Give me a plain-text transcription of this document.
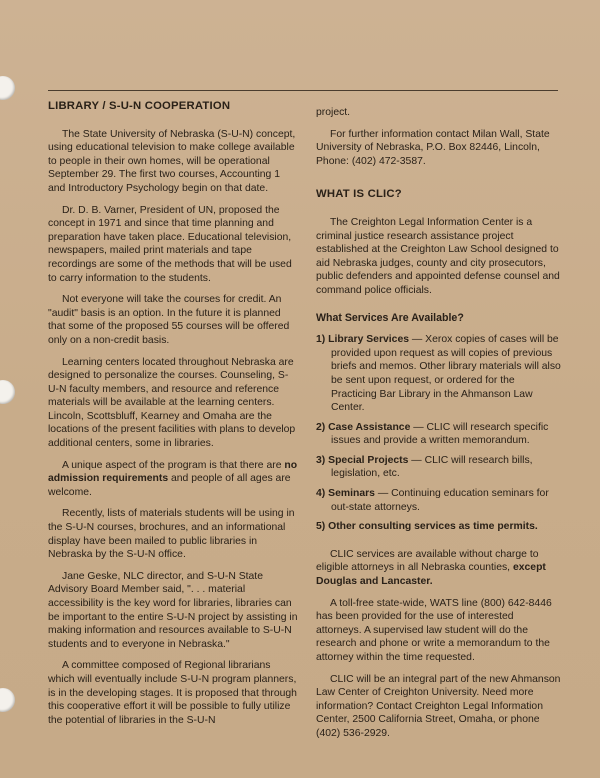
LIBRARY / S-U-N COOPERATION

The State University of Nebraska (S-U-N) concept, using educational television to make college available to people in their own homes, will be operational September 29. The first two courses, Accounting 1 and Introductory Psychology begin on that date.

Dr. D. B. Varner, President of UN, proposed the concept in 1971 and since that time planning and preparation have taken place. Educational television, newspapers, mailed print materials and tape recordings are some of the methods that will be used to carry information to the students.

Not everyone will take the courses for credit. An "audit" basis is an option. In the future it is planned that some of the proposed 55 courses will be offered only on a non-credit basis.

Learning centers located throughout Nebraska are designed to personalize the courses. Counseling, S-U-N faculty members, and resource and reference materials will be available at the learning centers. Lincoln, Scottsbluff, Kearney and Omaha are the locations of the present facilities with plans to develop additional centers, some in libraries.

A unique aspect of the program is that there are no admission requirements and people of all ages are welcome.

Recently, lists of materials students will be using in the S-U-N courses, brochures, and an informational display have been mailed to public libraries in Nebraska by the S-U-N office.

Jane Geske, NLC director, and S-U-N State Advisory Board Member said, ". . . material accessibility is the key word for libraries, libraries can be important to the entire S-U-N project by assisting in making information and resources available to S-U-N students and to everyone in Nebraska."

A committee composed of Regional librarians which will eventually include S-U-N program planners, is in the developing stages. It is proposed that through this cooperative effort it will be possible to fully utilize the potential of libraries in the S-U-N

project.

For further information contact Milan Wall, State University of Nebraska, P.O. Box 82446, Lincoln, Phone: (402) 472-3587.

WHAT IS CLIC?

The Creighton Legal Information Center is a criminal justice research assistance project established at the Creighton Law School designed to aid Nebraska judges, county and city prosecutors, public defenders and appointed defense counsel and command police officials.

What Services Are Available?
1) Library Services — Xerox copies of cases will be provided upon request as will copies of previous briefs and memos. Other library materials will also be sent upon request, or ordered for the Practicing Bar Library in the Ahmanson Law Center.
2) Case Assistance — CLIC will research specific issues and provide a written memorandum.
3) Special Projects — CLIC will research bills, legislation, etc.
4) Seminars — Continuing education seminars for out-state attorneys.
5) Other consulting services as time permits.

CLIC services are available without charge to eligible attorneys in all Nebraska counties, except Douglas and Lancaster.

A toll-free state-wide, WATS line (800) 642-8446 has been provided for the use of interested attorneys. A supervised law student will do the research and phone or write a memorandum to the attorney within the time requested.

CLIC will be an integral part of the new Ahmanson Law Center of Creighton University. Need more information? Contact Creighton Legal Information Center, 2500 California Street, Omaha, or phone (402) 536-2929.
